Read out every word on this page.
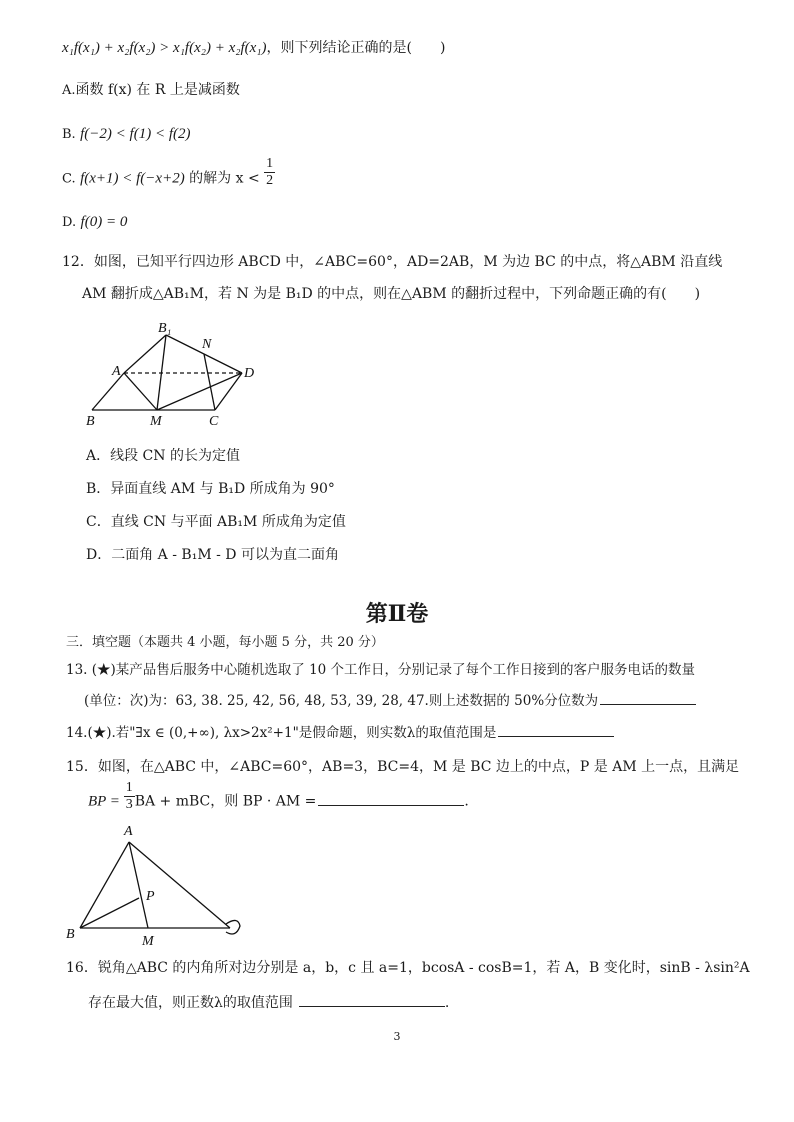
x₁f(x₁) + x₂f(x₂) > x₁f(x₂) + x₂f(x₁)，则下列结论正确的是(　　)
A.函数 f(x) 在 R 上是减函数
B. f(−2) < f(1) < f(2)
C. f(x+1) < f(−x+2) 的解为 $x < \frac{1}{2}$
D. f(0) = 0
12．如图，已知平行四边形 ABCD 中，∠ABC=60°，AD=2AB，M 为边 BC 的中点，将△ABM 沿直线
AM 翻折成△AB₁M，若 N 为是 B₁D 的中点，则在△ABM 的翻折过程中，下列命题正确的有(　　)
B₁
N
A	D
B	M	C
A．线段 CN 的长为定值
B．异面直线 AM 与 B₁D 所成角为 90°
C．直线 CN 与平面 AB₁M 所成角为定值
D．二面角 A - B₁M - D 可以为直二面角
第Ⅱ卷
三．填空题（本题共 4 小题，每小题 5 分，共 20 分）
13. (★)某产品售后服务中心随机选取了 10 个工作日，分别记录了每个工作日接到的客户服务电话的数量
(单位：次)为：63, 38. 25, 42, 56, 48, 53, 39, 28, 47.则上述数据的 50%分位数为
14.(★).若"∃x ∈ (0,+∞), λx>2x²+1"是假命题，则实数λ的取值范围是
15．如图，在△ABC 中，∠ABC=60°，AB=3，BC=4，M 是 BC 边上的中点，P 是 AM 上一点，且满足
BP = $\frac{1}{3}$ BA + mBC，则 BP · AM =	.
A
P
B	M
16．锐角△ABC 的内角所对边分别是 a，b，c 且 a=1，bcosA - cosB=1，若 A，B 变化时，sinB - λsin²A
存在最大值，则正数λ的取值范围	.
3
